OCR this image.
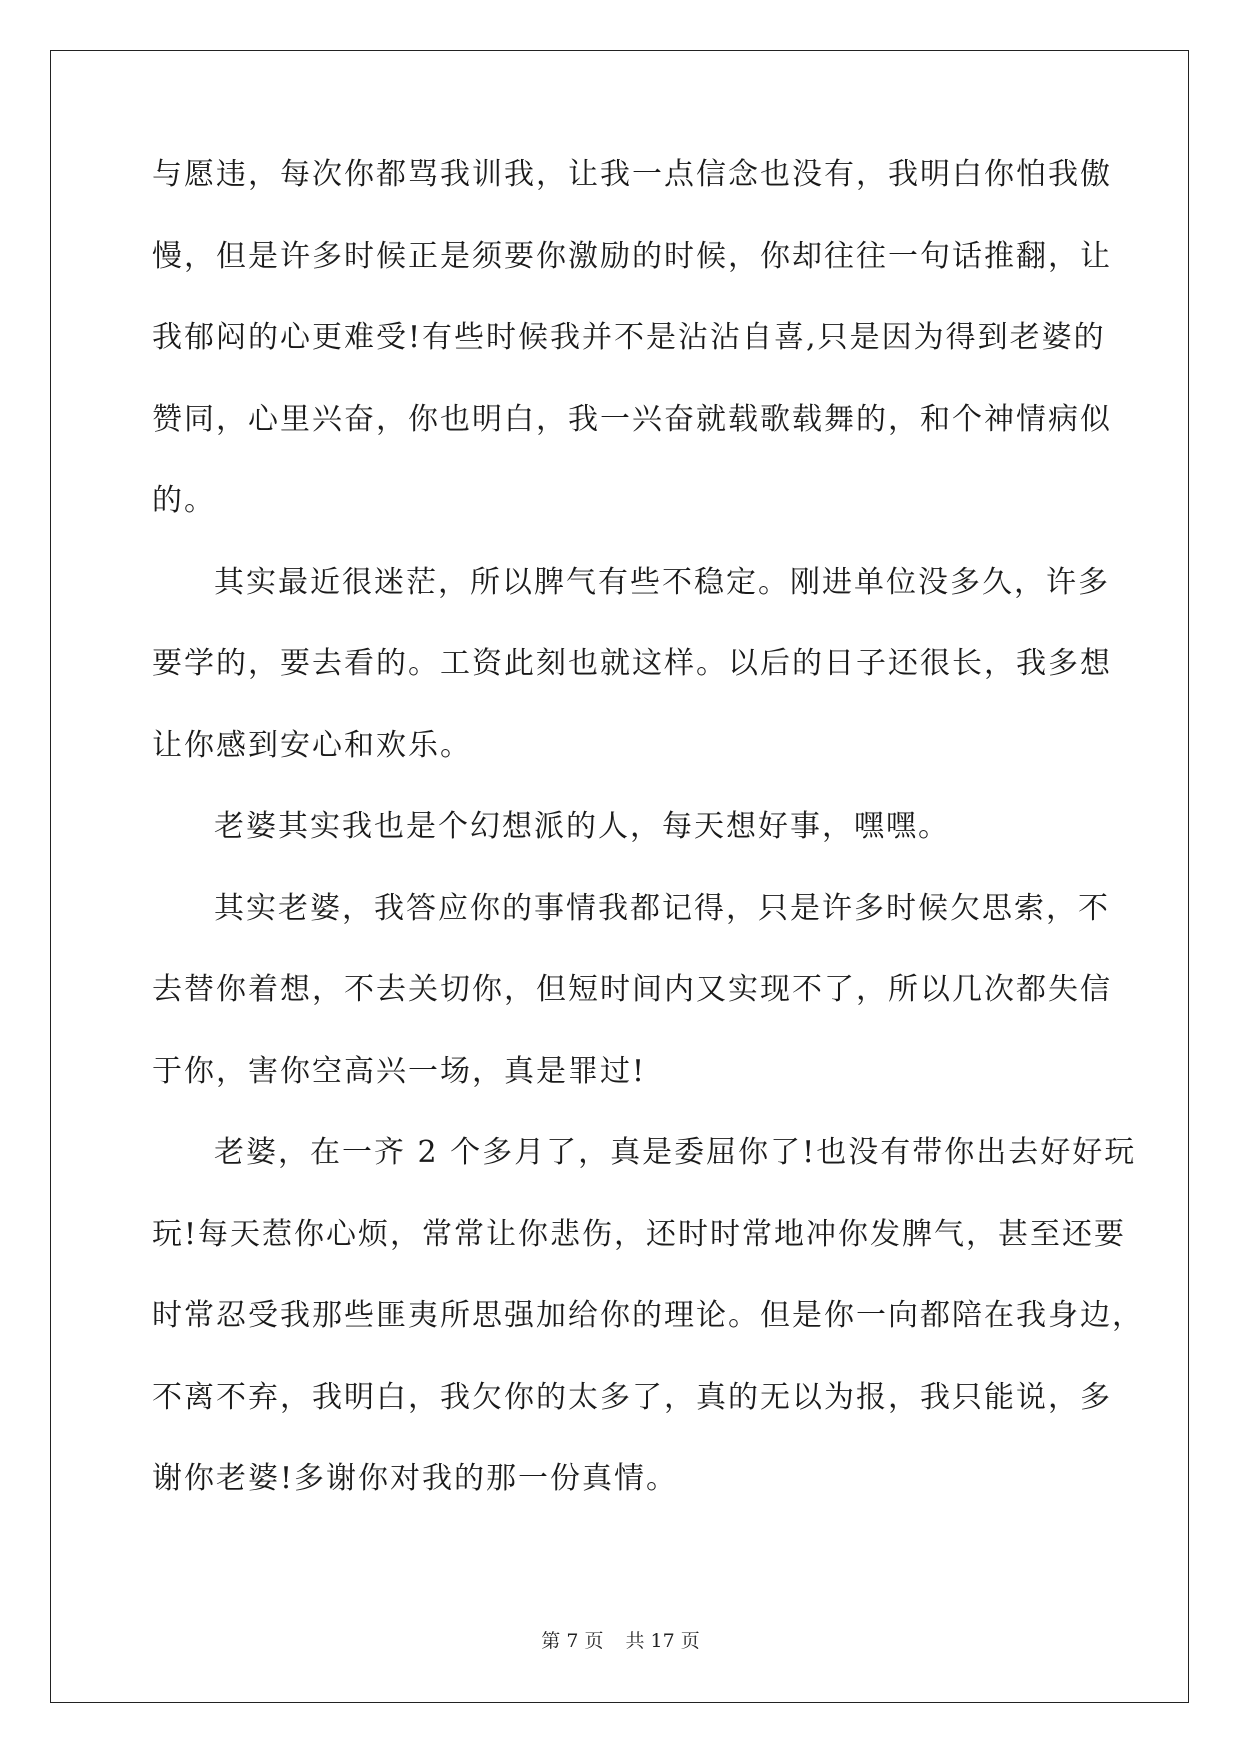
与愿违，每次你都骂我训我，让我一点信念也没有，我明白你怕我傲
慢，但是许多时候正是须要你激励的时候，你却往往一句话推翻，让
我郁闷的心更难受!有些时候我并不是沾沾自喜,只是因为得到老婆的
赞同，心里兴奋，你也明白，我一兴奋就载歌载舞的，和个神情病似
的。
其实最近很迷茫，所以脾气有些不稳定。刚进单位没多久，许多
要学的，要去看的。工资此刻也就这样。以后的日子还很长，我多想
让你感到安心和欢乐。
老婆其实我也是个幻想派的人，每天想好事，嘿嘿。
其实老婆，我答应你的事情我都记得，只是许多时候欠思索，不
去替你着想，不去关切你，但短时间内又实现不了，所以几次都失信
于你，害你空高兴一场，真是罪过!
老婆，在一齐 2 个多月了，真是委屈你了!也没有带你出去好好玩
玩!每天惹你心烦，常常让你悲伤，还时时常地冲你发脾气，甚至还要
时常忍受我那些匪夷所思强加给你的理论。但是你一向都陪在我身边，
不离不弃，我明白，我欠你的太多了，真的无以为报，我只能说，多
谢你老婆!多谢你对我的那一份真情。
第 7 页 共 17 页
